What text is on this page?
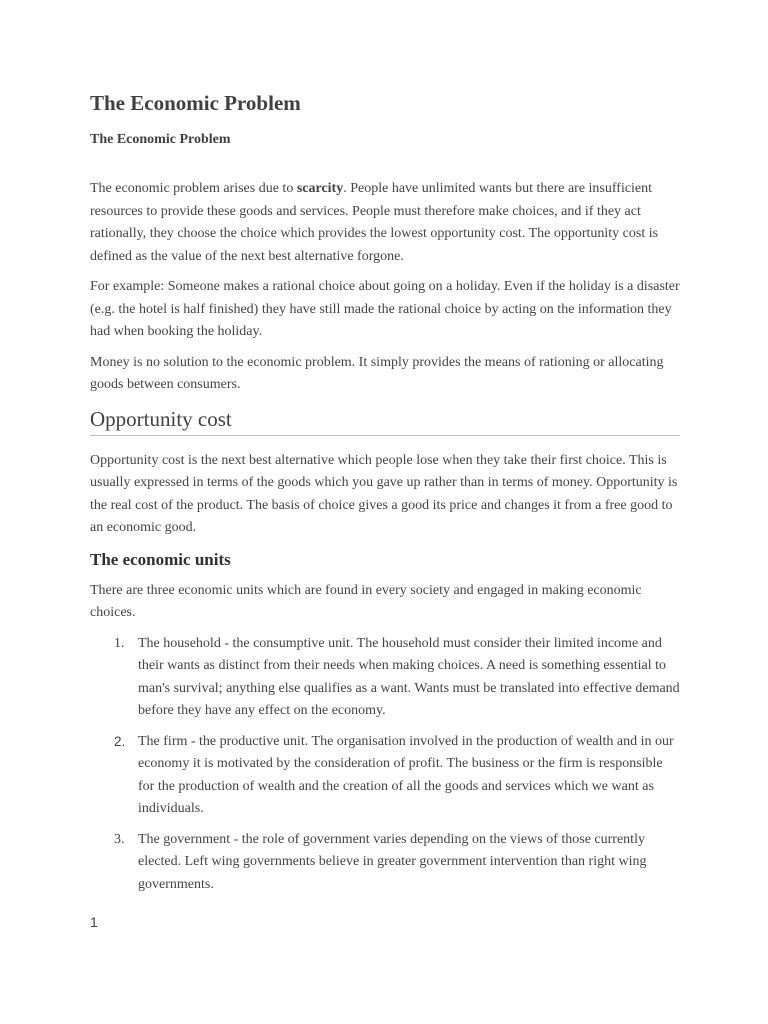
The Economic Problem
The Economic Problem

The economic problem arises due to scarcity. People have unlimited wants but there are insufficient resources to provide these goods and services. People must therefore make choices, and if they act rationally, they choose the choice which provides the lowest opportunity cost. The opportunity cost is defined as the value of the next best alternative forgone.

For example: Someone makes a rational choice about going on a holiday. Even if the holiday is a disaster (e.g. the hotel is half finished) they have still made the rational choice by acting on the information they had when booking the holiday.

Money is no solution to the economic problem. It simply provides the means of rationing or allocating goods between consumers.

Opportunity cost

Opportunity cost is the next best alternative which people lose when they take their first choice. This is usually expressed in terms of the goods which you gave up rather than in terms of money. Opportunity is the real cost of the product. The basis of choice gives a good its price and changes it from a free good to an economic good.

The economic units

There are three economic units which are found in every society and engaged in making economic choices.

1. The household - the consumptive unit. The household must consider their limited income and their wants as distinct from their needs when making choices. A need is something essential to man's survival; anything else qualifies as a want. Wants must be translated into effective demand before they have any effect on the economy.
2. The firm - the productive unit. The organisation involved in the production of wealth and in our economy it is motivated by the consideration of profit. The business or the firm is responsible for the production of wealth and the creation of all the goods and services which we want as individuals.
3. The government - the role of government varies depending on the views of those currently elected. Left wing governments believe in greater government intervention than right wing governments.
1
